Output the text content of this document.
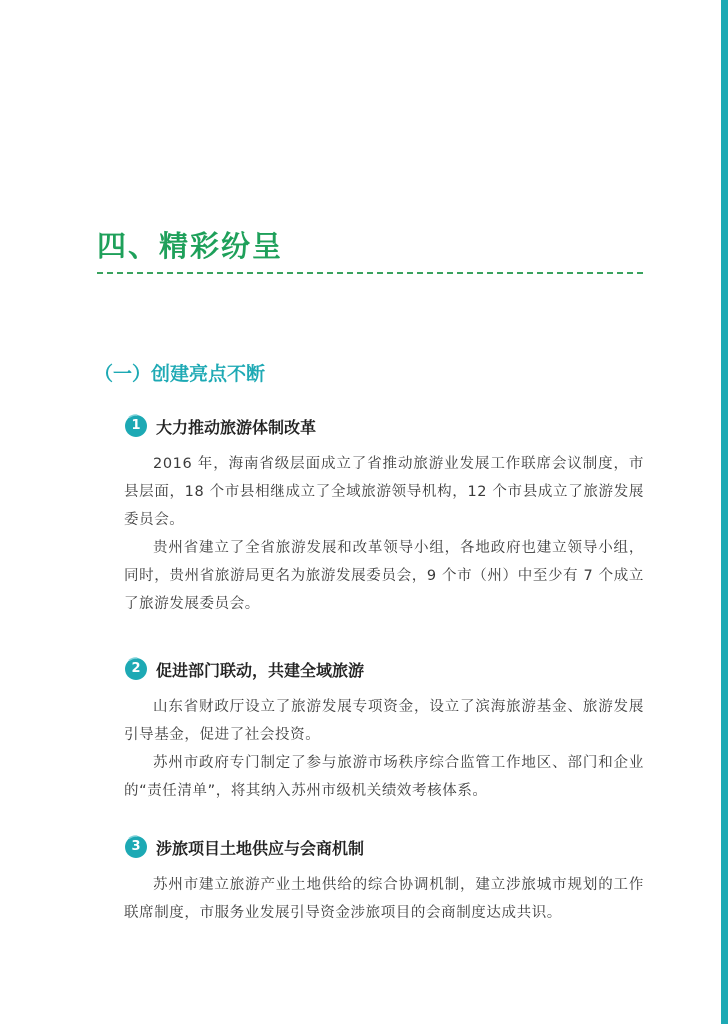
四、精彩纷呈
（一）创建亮点不断
1 大力推动旅游体制改革

2016 年，海南省级层面成立了省推动旅游业发展工作联席会议制度，市县层面，18 个市县相继成立了全域旅游领导机构，12 个市县成立了旅游发展委员会。

贵州省建立了全省旅游发展和改革领导小组，各地政府也建立领导小组，同时，贵州省旅游局更名为旅游发展委员会，9 个市（州）中至少有 7 个成立了旅游发展委员会。

2 促进部门联动，共建全域旅游

山东省财政厅设立了旅游发展专项资金，设立了滨海旅游基金、旅游发展引导基金，促进了社会投资。

苏州市政府专门制定了参与旅游市场秩序综合监管工作地区、部门和企业的“责任清单”，将其纳入苏州市级机关绩效考核体系。

3 涉旅项目土地供应与会商机制

苏州市建立旅游产业土地供给的综合协调机制，建立涉旅城市规划的工作联席制度，市服务业发展引导资金涉旅项目的会商制度达成共识。
